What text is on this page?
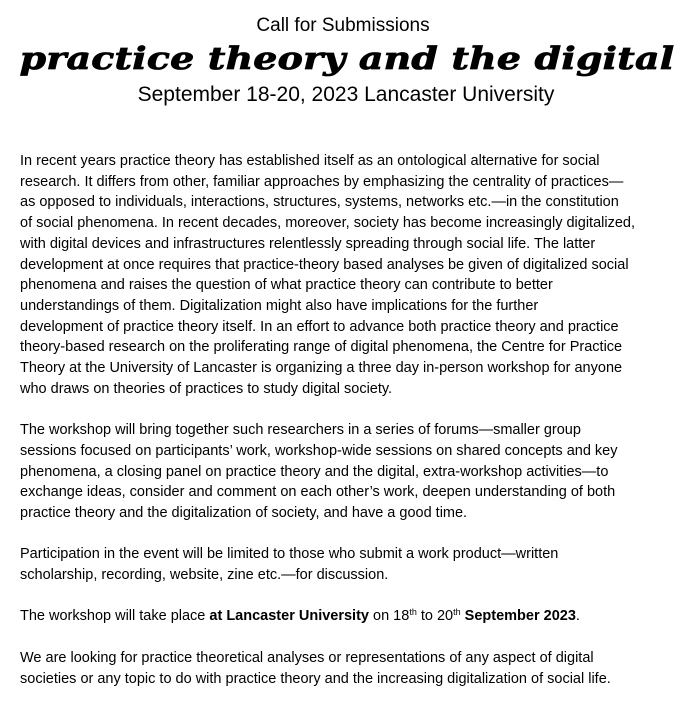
Call for Submissions
practice theory and the digital
September 18-20, 2023 Lancaster University

In recent years practice theory has established itself as an ontological alternative for social
research. It differs from other, familiar approaches by emphasizing the centrality of practices—
as opposed to individuals, interactions, structures, systems, networks etc.—in the constitution
of social phenomena. In recent decades, moreover, society has become increasingly digitalized,
with digital devices and infrastructures relentlessly spreading through social life. The latter
development at once requires that practice-theory based analyses be given of digitalized social
phenomena and raises the question of what practice theory can contribute to better
understandings of them. Digitalization might also have implications for the further
development of practice theory itself. In an effort to advance both practice theory and practice
theory-based research on the proliferating range of digital phenomena, the Centre for Practice
Theory at the University of Lancaster is organizing a three day in-person workshop for anyone
who draws on theories of practices to study digital society.

The workshop will bring together such researchers in a series of forums—smaller group
sessions focused on participants’ work, workshop-wide sessions on shared concepts and key
phenomena, a closing panel on practice theory and the digital, extra-workshop activities—to
exchange ideas, consider and comment on each other’s work, deepen understanding of both
practice theory and the digitalization of society, and have a good time.

Participation in the event will be limited to those who submit a work product—written
scholarship, recording, website, zine etc.—for discussion.

The workshop will take place at Lancaster University on 18th to 20th September 2023.

We are looking for practice theoretical analyses or representations of any aspect of digital
societies or any topic to do with practice theory and the increasing digitalization of social life.
